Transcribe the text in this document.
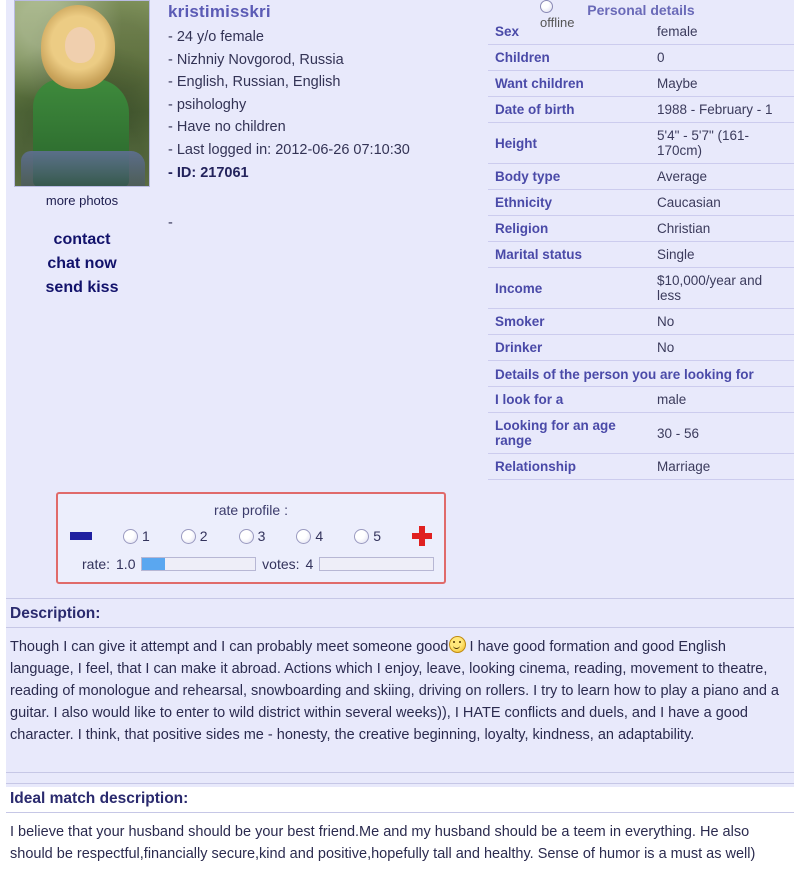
more photos
contact
chat now
send kiss
offline
kristimisskri
- 24 y/o female
- Nizhniy Novgorod, Russia
- English, Russian, English
- psihologhy
- Have no children
- Last logged in: 2012-06-26 07:10:30
- ID: 217061
-
Personal details
Sex	female
Children	0
Want children	Maybe
Date of birth	1988 - February - 1
Height	5'4" - 5'7" (161-170cm)
Body type	Average
Ethnicity	Caucasian
Religion	Christian
Marital status	Single
Income	$10,000/year and less
Smoker	No
Drinker	No
Details of the person you are looking for	
I look for a	male
Looking for an age range	30 - 56
Relationship	Marriage
rate profile :
1	2	3	4	5
rate: 1.0	votes: 4
Description:

Though I can give it attempt and I can probably meet someone good I have good formation and good English language, I feel, that I can make it abroad. Actions which I enjoy, leave, looking cinema, reading, movement to theatre, reading of monologue and rehearsal, snowboarding and skiing, driving on rollers. I try to learn how to play a piano and a guitar. I also would like to enter to wild district within several weeks)), I HATE conflicts and duels, and I have a good character. I think, that positive sides me - honesty, the creative beginning, loyalty, kindness, an adaptability.

Ideal match description:

I believe that your husband should be your best friend.Me and my husband should be a teem in everything. He also should be respectful,financially secure,kind and positive,hopefully tall and healthy. Sense of humor is a must as well)
